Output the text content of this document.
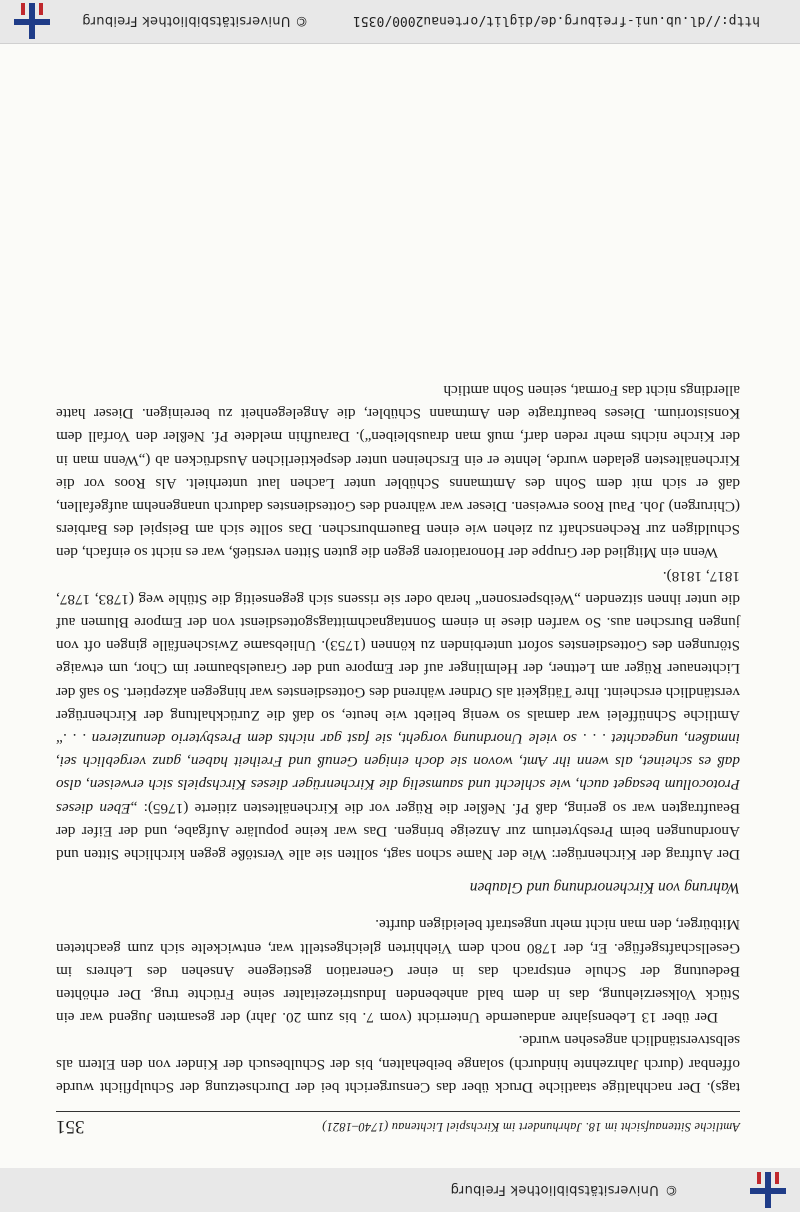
©Universitätsbibliothek Freiburg
Amtliche Sittenaufsicht im 18. Jahrhundert im Kirchspiel Lichtenau (1740–1821)
351

tags). Der nachhaltige staatliche Druck über das Censurgericht bei der Durchsetzung der Schulpflicht wurde offenbar (durch Jahrzehnte hindurch) solange beibehalten, bis der Schulbesuch der Kinder von den Eltern als selbstverständlich angesehen wurde.

Der über 13 Lebensjahre andauernde Unterricht (vom 7. bis zum 20. Jahr) der gesamten Jugend war ein Stück Volkserziehung, das in dem bald anhebenden Industriezeitalter seine Früchte trug. Der erhöhten Bedeutung der Schule entsprach das in einer Generation gestiegene Ansehen des Lehrers im Gesellschaftsgefüge. Er, der 1780 noch dem Viehhirten gleichgestellt war, entwickelte sich zum geachteten Mitbürger, den man nicht mehr ungestraft beleidigen durfte.

Wahrung von Kirchenordnung und Glauben

Der Auftrag der Kirchenrüger: Wie der Name schon sagt, sollten sie alle Verstöße gegen kirchliche Sitten und Anordnungen beim Presbyterium zur Anzeige bringen. Das war keine populäre Aufgabe, und der Eifer der Beauftragten war so gering, daß Pf. Neßler die Rüger vor die Kirchenältesten zitierte (1765): „Eben dieses Protocollum besaget auch, wie schlecht und saumselig die Kirchenrüger dieses Kirchspiels sich erweisen, also daß es scheinet, als wenn ihr Amt, wovon sie doch einigen Genuß und Freiheit haben, ganz vergeblich sei, inmaßen, ungeachtet . . . so viele Unordnung vorgeht, sie fast gar nichts dem Presbyterio denunzieren . . .“ Amtliche Schnüffelei war damals so wenig beliebt wie heute, so daß die Zurückhaltung der Kirchenrüger verständlich erscheint. Ihre Tätigkeit als Ordner während des Gottesdienstes war hingegen akzeptiert. So saß der Lichtenauer Rüger am Lettner, der Helmlinger auf der Empore und der Grauelsbaumer im Chor, um etwaige Störungen des Gottesdienstes sofort unterbinden zu können (1753). Unliebsame Zwischenfälle gingen oft von jungen Burschen aus. So warfen diese in einem Sonntagnachmittagsgottesdienst von der Empore Blumen auf die unter ihnen sitzenden „Weibspersonen“ herab oder sie rissens sich gegenseitig die Stühle weg (1783, 1787, 1817, 1818).

Wenn ein Mitglied der Gruppe der Honoratioren gegen die guten Sitten verstieß, war es nicht so einfach, den Schuldigen zur Rechenschaft zu ziehen wie einen Bauernburschen. Das sollte sich am Beispiel des Barbiers (Chirurgen) Joh. Paul Roos erweisen. Dieser war während des Gottesdienstes dadurch unangenehm aufgefallen, daß er sich mit dem Sohn des Amtmanns Schübler unter Lachen laut unterhielt. Als Roos vor die Kirchenältesten geladen wurde, lehnte er ein Erscheinen unter despektierlichen Ausdrücken ab („Wenn man in der Kirche nichts mehr reden darf, muß man drausbleiben“). Daraufhin meldete Pf. Neßler den Vorfall dem Konsistorium. Dieses beauftragte den Amtmann Schübler, die Angelegenheit zu bereinigen. Dieser hatte allerdings nicht das Format, seinen Sohn amtlich

http://dl.ub.uni-freiburg.de/diglit/ortenau2000/0351
© Universitätsbibliothek Freiburg
